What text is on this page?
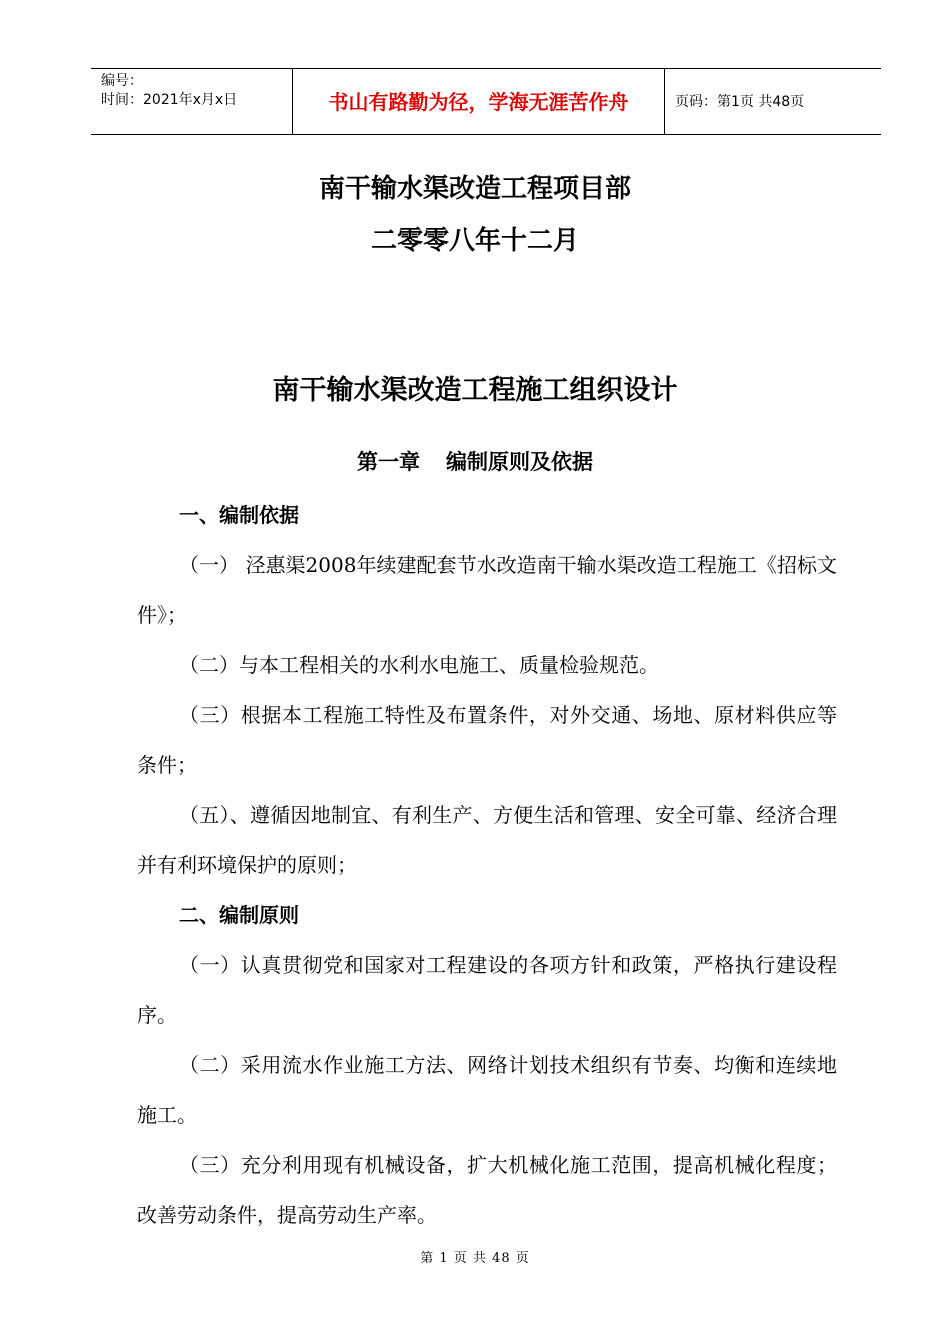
编号：
时间：2021年x月x日	书山有路勤为径，学海无涯苦作舟	页码：第1页 共48页
南干输水渠改造工程项目部
二零零八年十二月
南干输水渠改造工程施工组织设计
第一章 编制原则及依据
一、编制依据

（一） 泾惠渠2008年续建配套节水改造南干输水渠改造工程施工《招标文件》；

（二）与本工程相关的水利水电施工、质量检验规范。

（三）根据本工程施工特性及布置条件，对外交通、场地、原材料供应等条件；

（五）、遵循因地制宜、有利生产、方便生活和管理、安全可靠、经济合理并有利环境保护的原则；

二、编制原则

（一）认真贯彻党和国家对工程建设的各项方针和政策，严格执行建设程序。

（二）采用流水作业施工方法、网络计划技术组织有节奏、均衡和连续地施工。

（三）充分利用现有机械设备，扩大机械化施工范围，提高机械化程度；改善劳动条件，提高劳动生产率。

第 1 页 共 48 页
